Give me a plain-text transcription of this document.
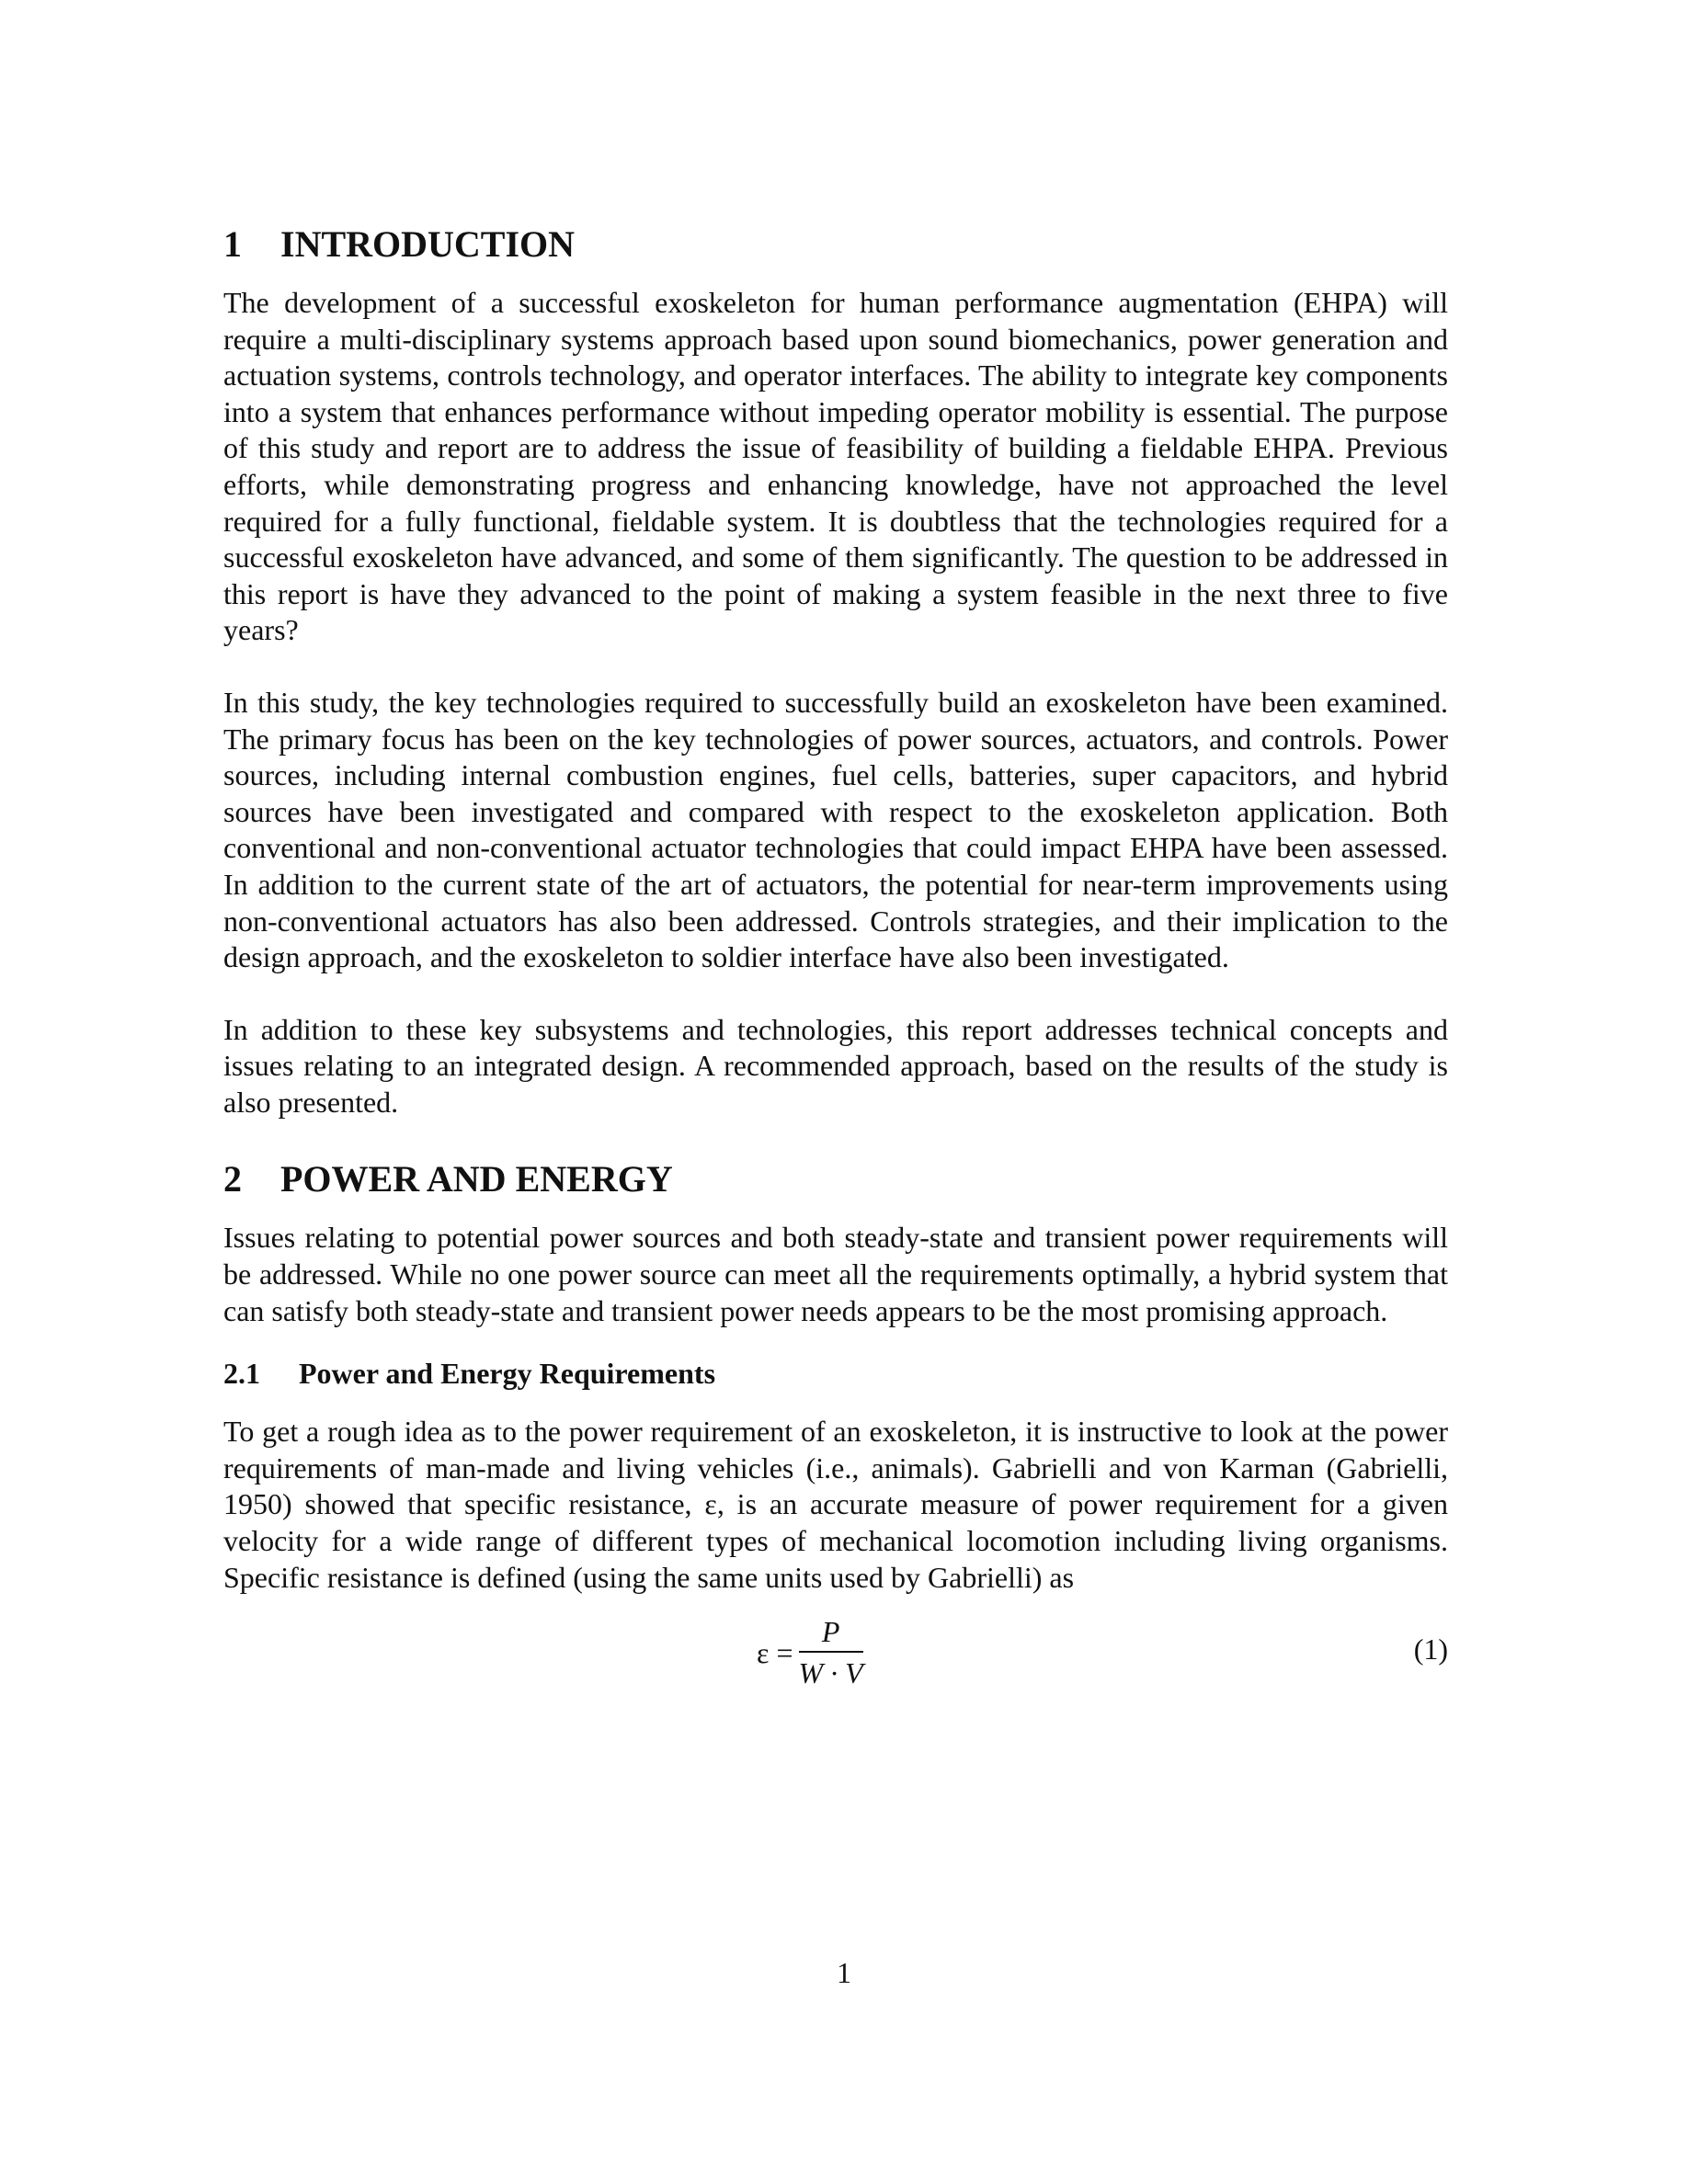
1 INTRODUCTION

The development of a successful exoskeleton for human performance augmentation (EHPA) will require a multi-disciplinary systems approach based upon sound biomechanics, power generation and actuation systems, controls technology, and operator interfaces. The ability to integrate key components into a system that enhances performance without impeding operator mobility is essential. The purpose of this study and report are to address the issue of feasibility of building a fieldable EHPA. Previous efforts, while demonstrating progress and enhancing knowledge, have not approached the level required for a fully functional, fieldable system. It is doubtless that the technologies required for a successful exoskeleton have advanced, and some of them significantly. The question to be addressed in this report is have they advanced to the point of making a system feasible in the next three to five years?

In this study, the key technologies required to successfully build an exoskeleton have been examined. The primary focus has been on the key technologies of power sources, actuators, and controls. Power sources, including internal combustion engines, fuel cells, batteries, super capacitors, and hybrid sources have been investigated and compared with respect to the exoskeleton application. Both conventional and non-conventional actuator technologies that could impact EHPA have been assessed. In addition to the current state of the art of actuators, the potential for near-term improvements using non-conventional actuators has also been addressed. Controls strategies, and their implication to the design approach, and the exoskeleton to soldier interface have also been investigated.

In addition to these key subsystems and technologies, this report addresses technical concepts and issues relating to an integrated design. A recommended approach, based on the results of the study is also presented.

2 POWER AND ENERGY

Issues relating to potential power sources and both steady-state and transient power requirements will be addressed. While no one power source can meet all the requirements optimally, a hybrid system that can satisfy both steady-state and transient power needs appears to be the most promising approach.

2.1 Power and Energy Requirements

To get a rough idea as to the power requirement of an exoskeleton, it is instructive to look at the power requirements of man-made and living vehicles (i.e., animals). Gabrielli and von Karman (Gabrielli, 1950) showed that specific resistance, ε, is an accurate measure of power requirement for a given velocity for a wide range of different types of mechanical locomotion including living organisms. Specific resistance is defined (using the same units used by Gabrielli) as

$\varepsilon = \frac{P}{W \cdot V}$	(1)
1
